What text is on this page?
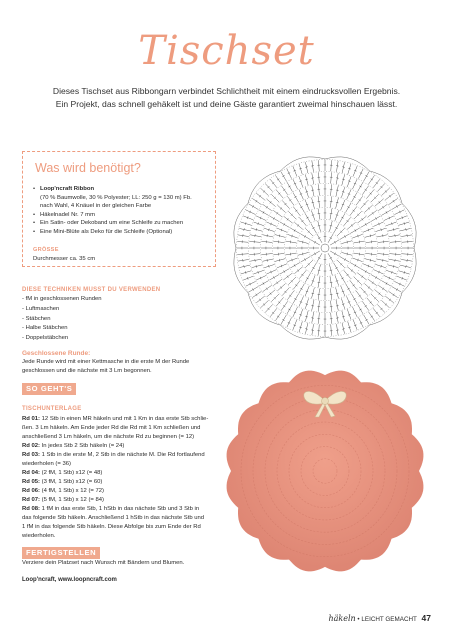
Tischset
Dieses Tischset aus Ribbongarn verbindet Schlichtheit mit einem eindrucksvollen Ergebnis.
Ein Projekt, das schnell gehäkelt ist und deine Gäste garantiert zweimal hinschauen lässt.
Was wird benötigt?
• Loop'ncraft Ribbon
(70 % Baumwolle, 30 % Polyester; LL: 250 g = 130 m) Fb.
nach Wahl, 4 Knäuel in der gleichen Farbe
• Häkelnadel Nr. 7 mm
• Ein Satin- oder Dekoband um eine Schleife zu machen
• Eine Mini-Blüte als Deko für die Schleife (Optional)
GRÖSSE
Durchmesser ca. 35 cm
DIESE TECHNIKEN MUSST DU VERWENDEN
- fM in geschlossenen Runden
- Luftmaschen
- Stäbchen
- Halbe Stäbchen
- Doppelstäbchen
Geschlossene Runde:
Jede Runde wird mit einer Kettmasche in die erste M der Runde
geschlossen und die nächste mit 3 Lm begonnen.
SO GEHT'S
TISCHUNTERLAGE
Rd 01: 12 Stb in einen MR häkeln und mit 1 Km in das erste Stb schlie-
ßen. 3 Lm häkeln. Am Ende jeder Rd die Rd mit 1 Km schließen und
anschließend 3 Lm häkeln, um die nächste Rd zu beginnen (= 12)
Rd 02: In jedes Stb 2 Stb häkeln (= 24)
Rd 03: 1 Stb in die erste M, 2 Stb in die nächste M. Die Rd fortlaufend
wiederholen (= 36)
Rd 04: (2 fM, 1 Stb) x12 (= 48)
Rd 05: (3 fM, 1 Stb) x12 (= 60)
Rd 06: (4 fM, 1 Stb) x 12 (= 72)
Rd 07: (5 fM, 1 Stb) x 12 (= 84)
Rd 08: 1 fM in das erste Stb, 1 hStb in das nächste Stb und 3 Stb in
das folgende Stb häkeln. Anschließend 1 hStb in das nächste Stb und
1 fM in das folgende Stb häkeln. Diese Abfolge bis zum Ende der Rd
wiederholen.
FERTIGSTELLEN
Verziere dein Platzset nach Wunsch mit Bändern und Blumen.
Loop'ncraft, www.loopncraft.com
häkeln • LEICHT GEMACHT 47
